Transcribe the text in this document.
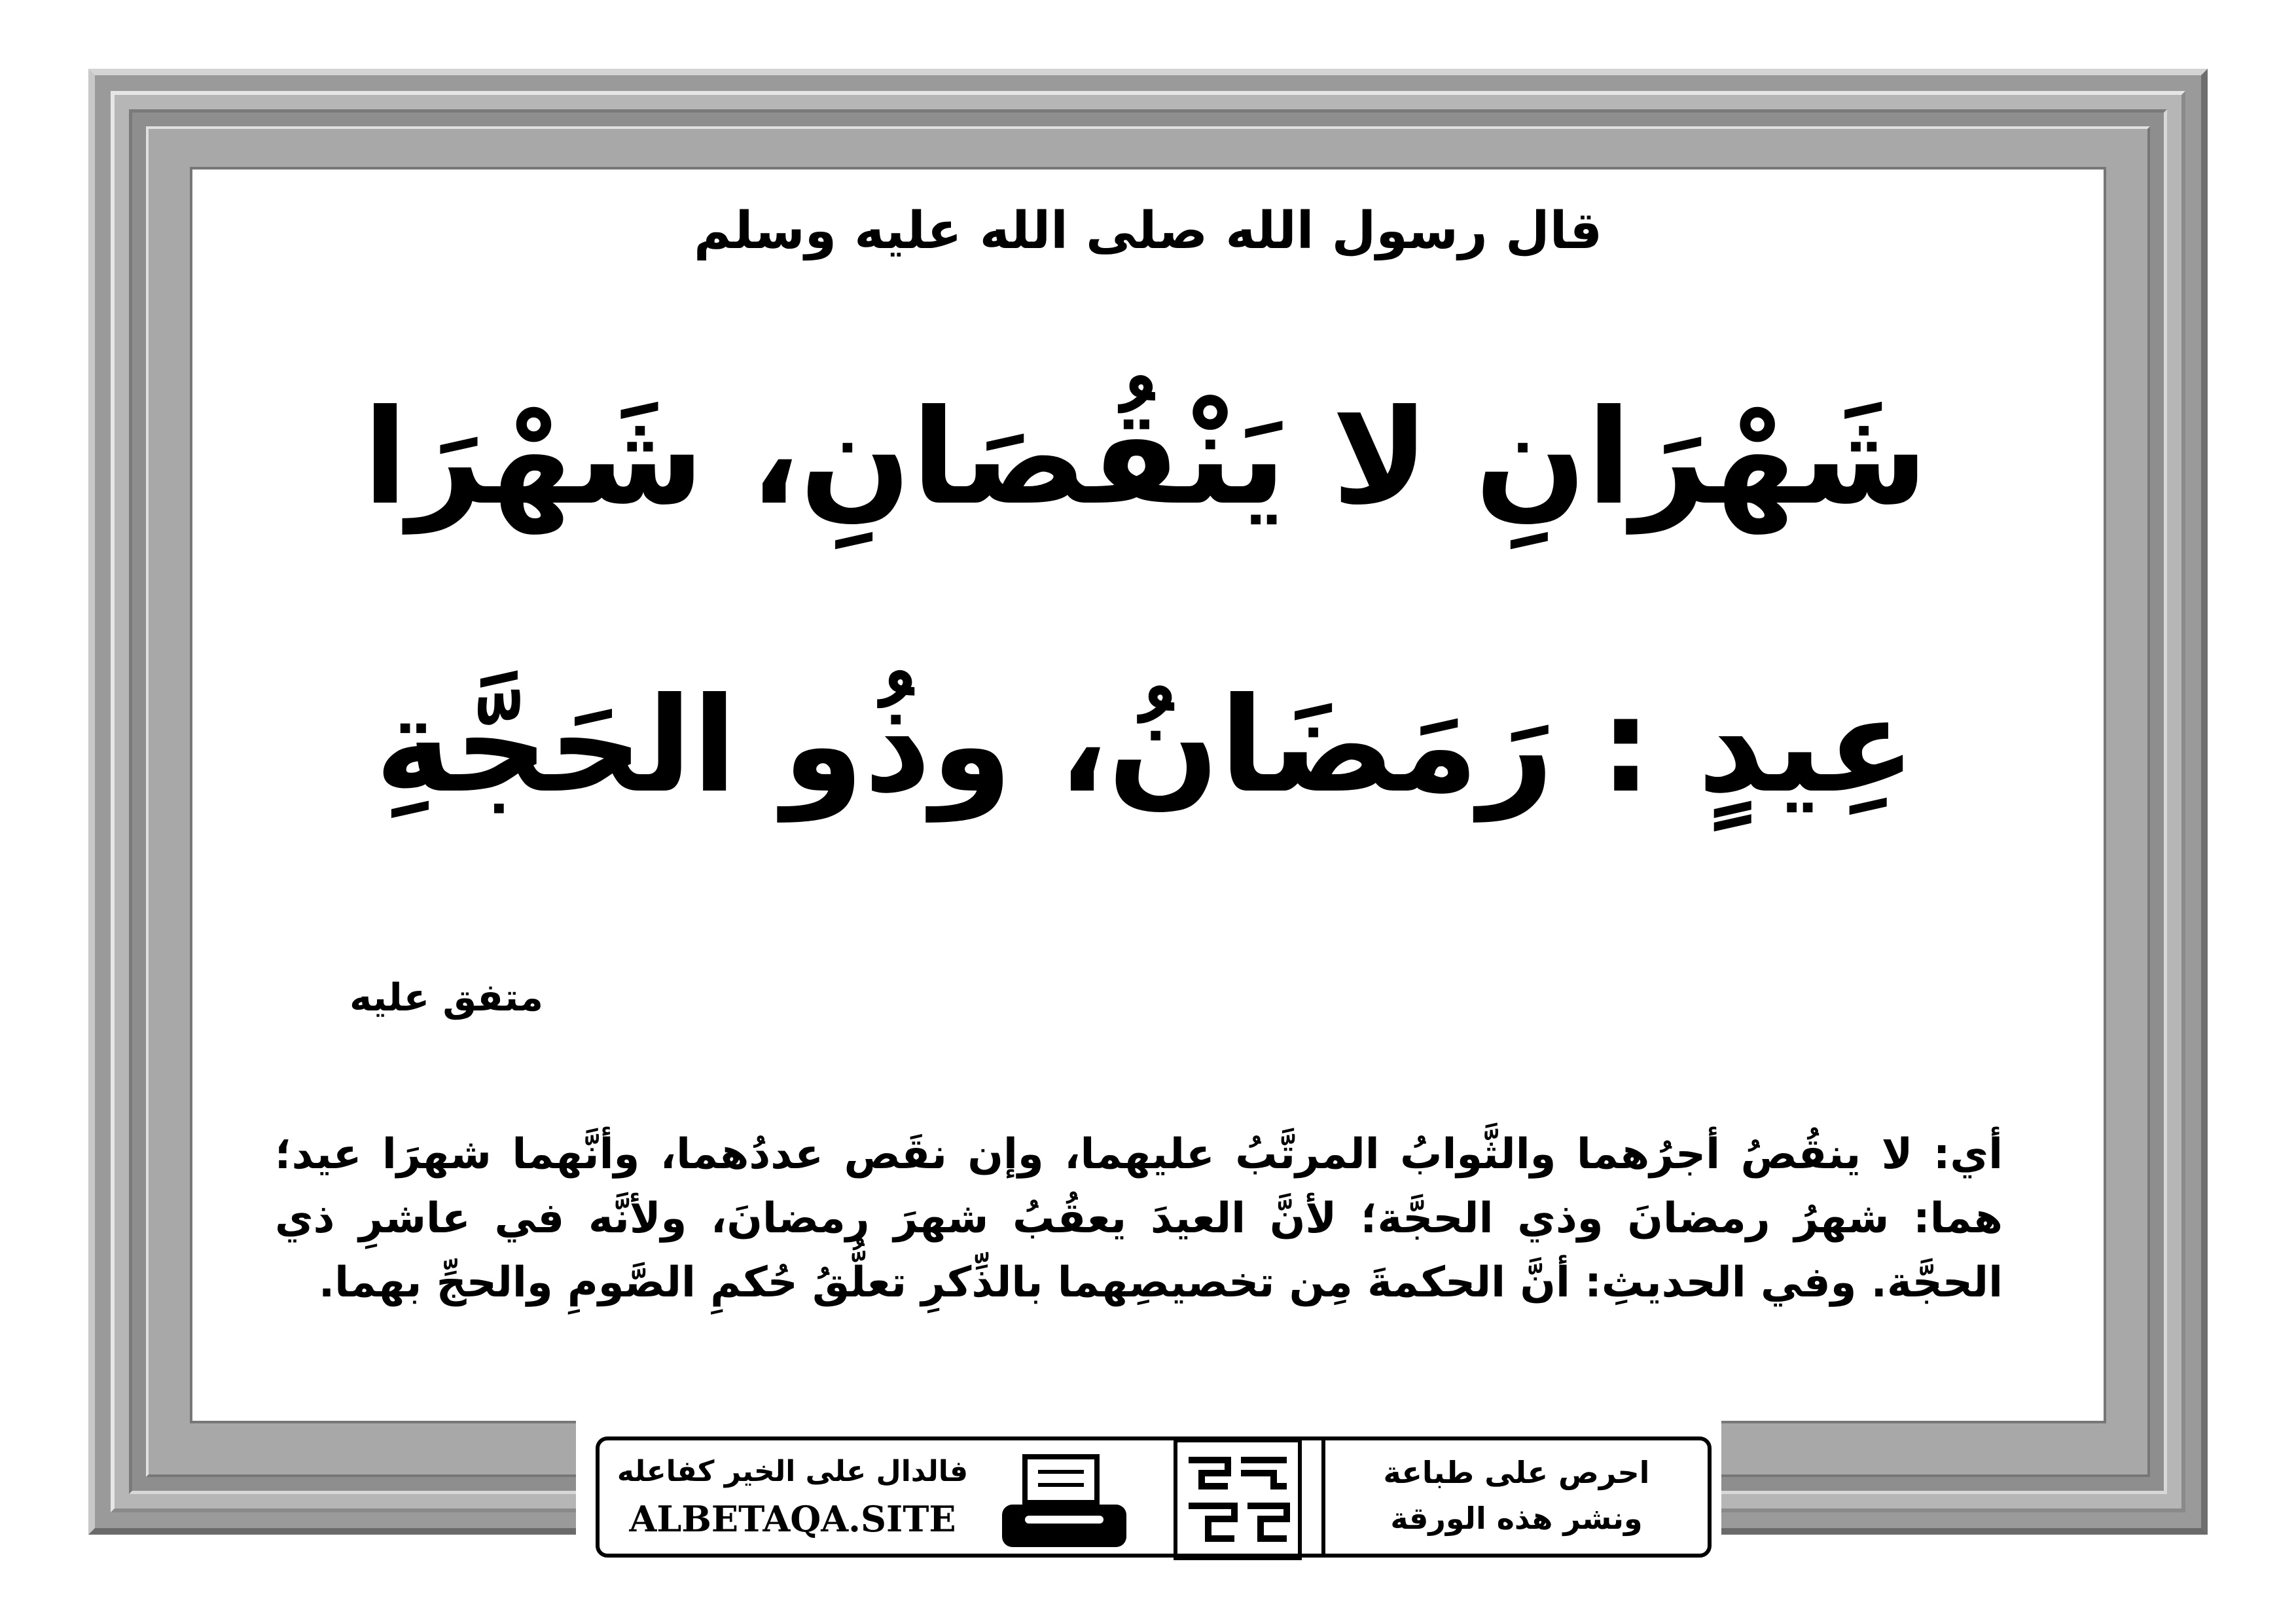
قال رسول الله صلى الله عليه وسلم
شَهْرَانِ لا يَنْقُصَانِ، شَهْرَا
عِيدٍ : رَمَضَانُ، وذُو الحَجَّةِ
متفق عليه
أي: لا ينقُصُ أجرُهما والثَّوابُ المرتَّبُ عليهما، وإن نقَص عددُهما، وأنَّهما شهرَا عيد؛ هما: شهرُ رمضانَ وذي الحجَّة؛ لأنَّ العيدَ يعقُبُ شهرَ رمضانَ، ولأنَّه في عاشرِ ذي الحجَّة. وفي الحديثِ: أنَّ الحكمةَ مِن تخصيصِهما بالذِّكرِ تعلُّقُ حُكمِ الصَّومِ والحجِّ بهما.
فالدال على الخير كفاعله
ALBETAQA.SITE
احرص على طباعة
ونشر هذه الورقة
